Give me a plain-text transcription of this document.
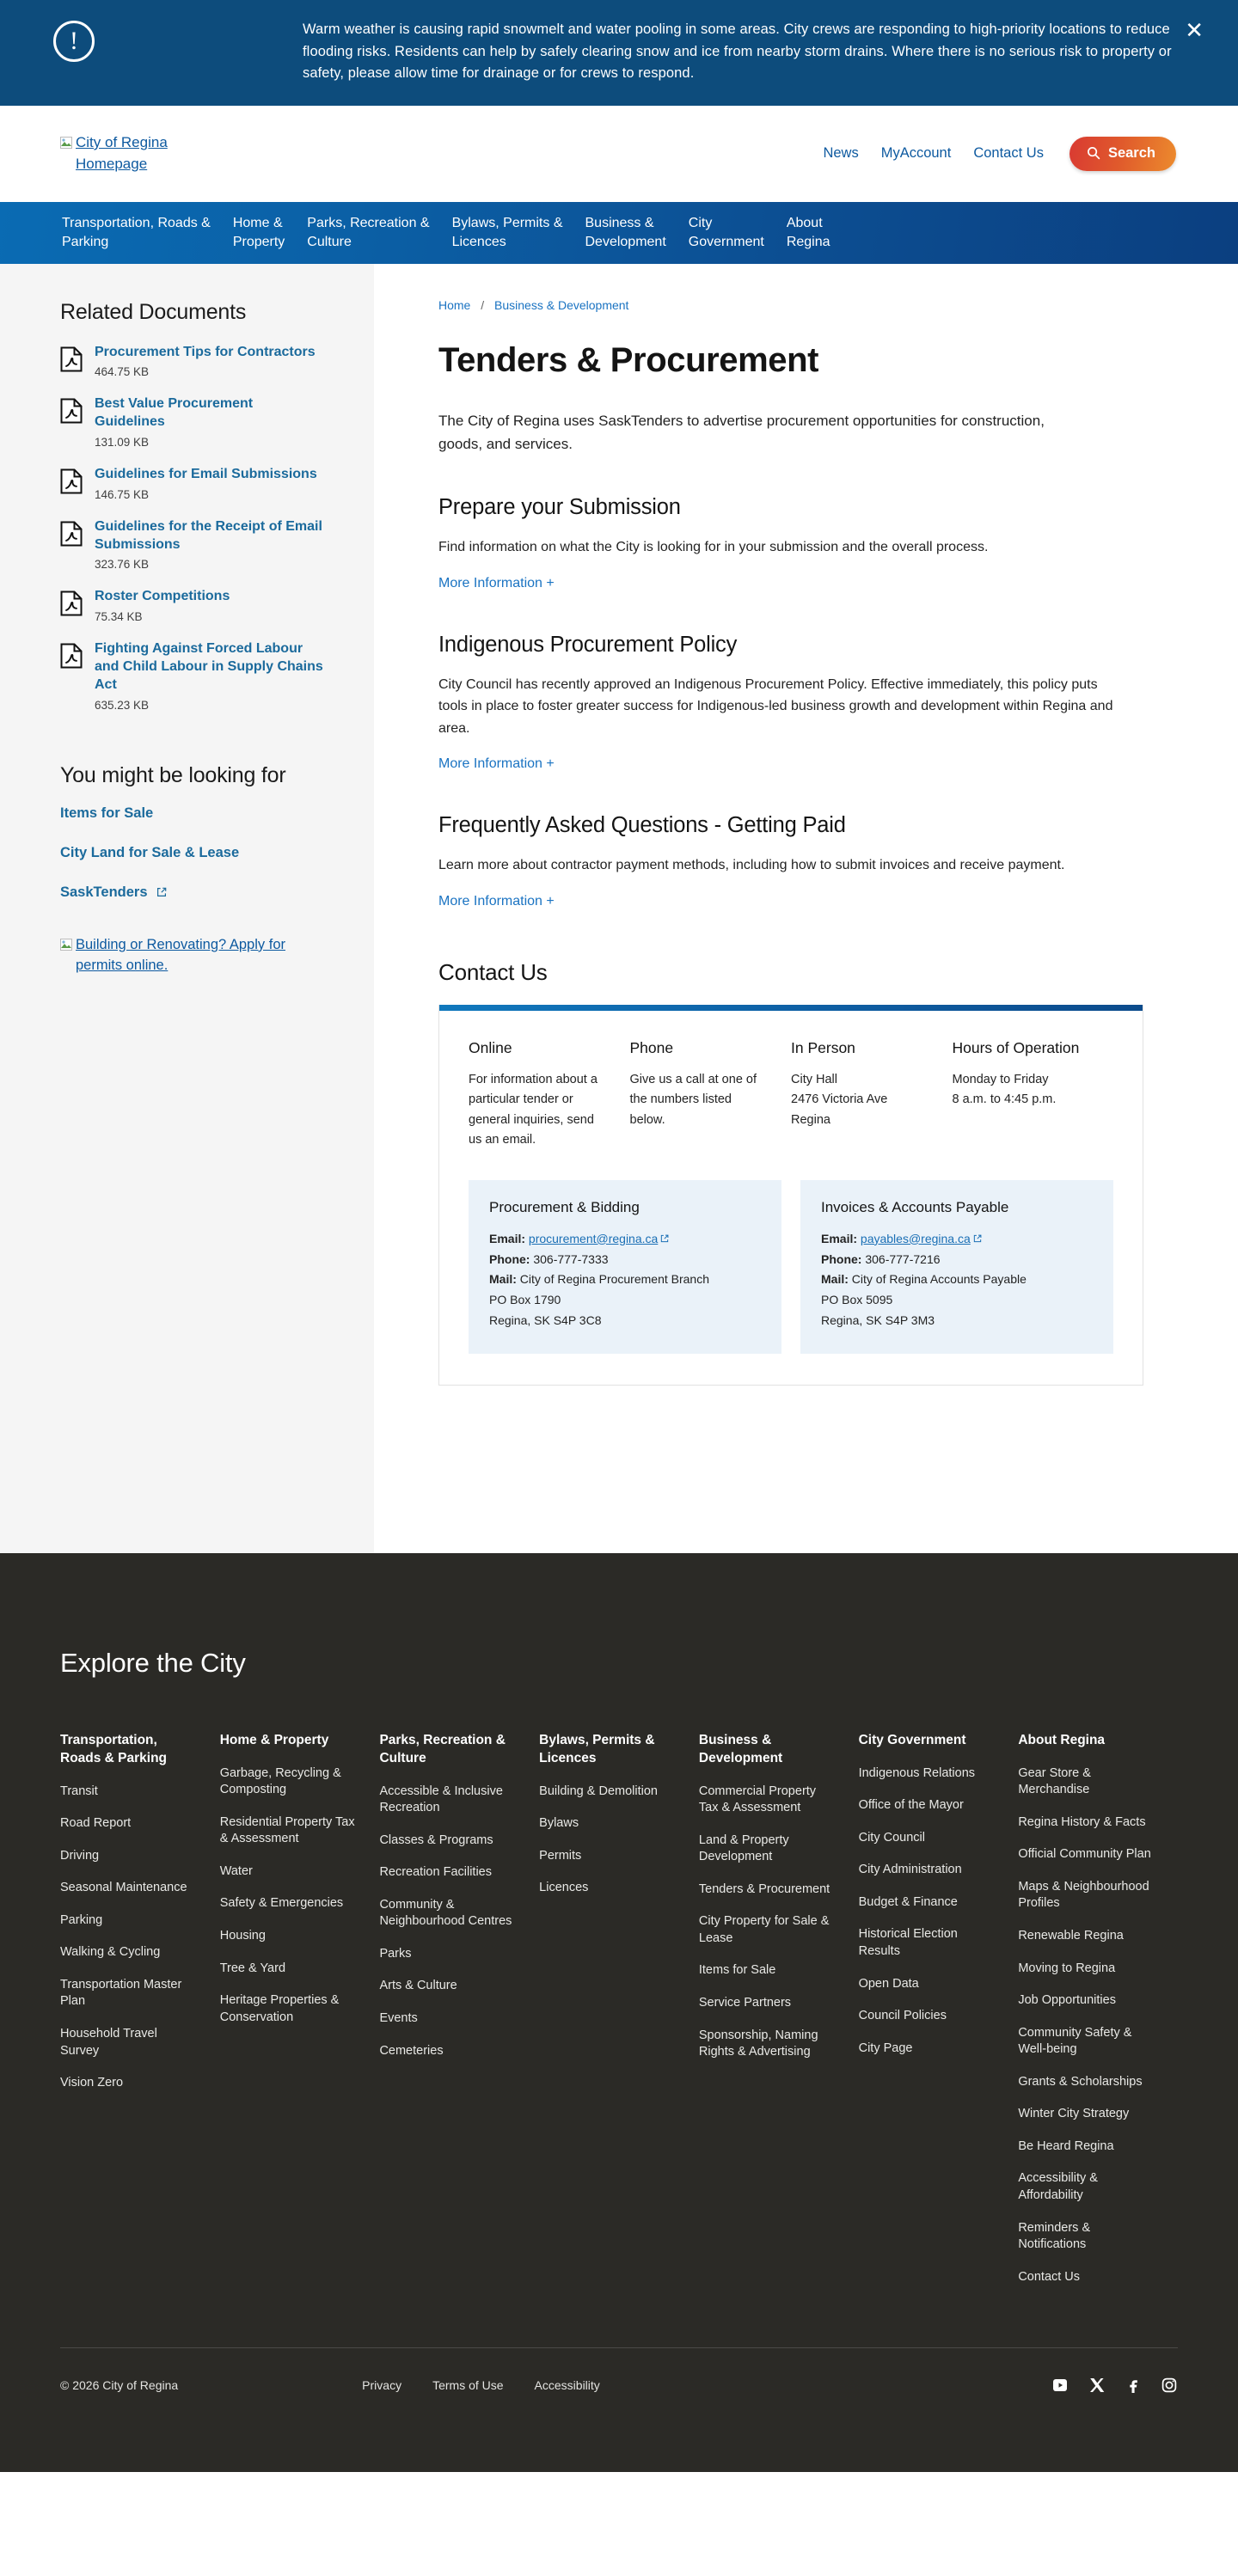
!	Warm weather is causing rapid snowmelt and water pooling in some areas. City crews are responding to high-priority locations to reduce flooding risks. Residents can help by safely clearing snow and ice from nearby storm drains. Where there is no serious risk to property or safety, please allow time for drainage or for crews to respond.
✕
City of Regina Homepage
News MyAccount Contact Us	Search
Transportation, Roads &
Parking
Home &
Property
Parks, Recreation &
Culture
Bylaws, Permits &
Licences
Business &
Development
City
Government
About
Regina
Related Documents
Procurement Tips for Contractors
464.75 KB
Best Value Procurement Guidelines
131.09 KB
Guidelines for Email Submissions
146.75 KB
Guidelines for the Receipt of Email Submissions
323.76 KB
Roster Competitions
75.34 KB
Fighting Against Forced Labour and Child Labour in Supply Chains Act
635.23 KB
You might be looking for
Items for Sale
City Land for Sale & Lease
SaskTenders
Building or Renovating? Apply for permits online.
Home / Business & Development
Tenders & Procurement

The City of Regina uses SaskTenders to advertise procurement opportunities for construction, goods, and services.

Prepare your Submission

Find information on what the City is looking for in your submission and the overall process.

More Information +
Indigenous Procurement Policy

City Council has recently approved an Indigenous Procurement Policy. Effective immediately, this policy puts tools in place to foster greater success for Indigenous-led business growth and development within Regina and area.

More Information +
Frequently Asked Questions - Getting Paid

Learn more about contractor payment methods, including how to submit invoices and receive payment.

More Information +
Contact Us
Online

For information about a particular tender or general inquiries, send us an email.

Phone

Give us a call at one of the numbers listed below.

In Person

City Hall
2476 Victoria Ave
Regina

Hours of Operation

Monday to Friday
8 a.m. to 4:45 p.m.

Procurement & Bidding
Email: procurement@regina.ca
Phone: 306-777-7333
Mail: City of Regina Procurement Branch
PO Box 1790
Regina, SK S4P 3C8
Invoices & Accounts Payable
Email: payables@regina.ca
Phone: 306-777-7216
Mail: City of Regina Accounts Payable
PO Box 5095
Regina, SK S4P 3M3
Explore the City
Transportation, Roads & Parking
Transit
Road Report
Driving
Seasonal Maintenance
Parking
Walking & Cycling
Transportation Master Plan
Household Travel Survey
Vision Zero
Home & Property
Garbage, Recycling & Composting
Residential Property Tax & Assessment
Water
Safety & Emergencies
Housing
Tree & Yard
Heritage Properties & Conservation
Parks, Recreation & Culture
Accessible & Inclusive Recreation
Classes & Programs
Recreation Facilities
Community & Neighbourhood Centres
Parks
Arts & Culture
Events
Cemeteries
Bylaws, Permits & Licences
Building & Demolition
Bylaws
Permits
Licences
Business & Development
Commercial Property Tax & Assessment
Land & Property Development
Tenders & Procurement
City Property for Sale & Lease
Items for Sale
Service Partners
Sponsorship, Naming Rights & Advertising
City Government
Indigenous Relations
Office of the Mayor
City Council
City Administration
Budget & Finance
Historical Election Results
Open Data
Council Policies
City Page
About Regina
Gear Store & Merchandise
Regina History & Facts
Official Community Plan
Maps & Neighbourhood Profiles
Renewable Regina
Moving to Regina
Job Opportunities
Community Safety & Well-being
Grants & Scholarships
Winter City Strategy
Be Heard Regina
Accessibility & Affordability
Reminders & Notifications
Contact Us
© 2026 City of Regina	Privacy	Terms of Use	Accessibility
